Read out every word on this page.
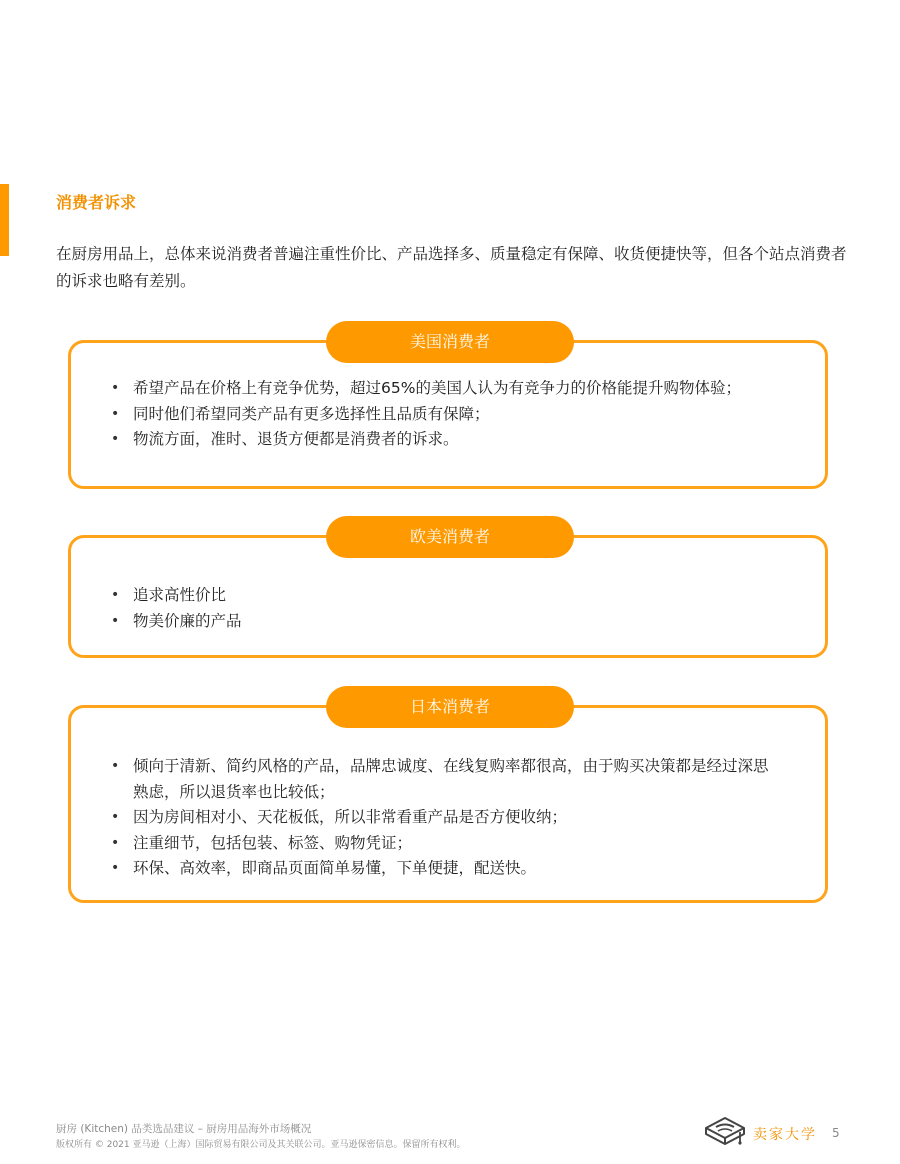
消费者诉求
在厨房用品上，总体来说消费者普遍注重性价比、产品选择多、质量稳定有保障、收货便捷快等，但各个站点消费者的诉求也略有差别。
• 希望产品在价格上有竞争优势，超过65%的美国人认为有竞争力的价格能提升购物体验；
• 同时他们希望同类产品有更多选择性且品质有保障；
• 物流方面，准时、退货方便都是消费者的诉求。
美国消费者
• 追求高性价比
• 物美价廉的产品
欧美消费者
• 倾向于清新、简约风格的产品，品牌忠诚度、在线复购率都很高，由于购买决策都是经过深思熟虑，所以退货率也比较低；
• 因为房间相对小、天花板低，所以非常看重产品是否方便收纳；
• 注重细节，包括包装、标签、购物凭证；
• 环保、高效率，即商品页面简单易懂，下单便捷，配送快。
日本消费者
厨房 (Kitchen) 品类选品建议 – 厨房用品海外市场概况
版权所有 © 2021 亚马逊（上海）国际贸易有限公司及其关联公司。亚马逊保密信息。保留所有权利。
卖家大学 5
